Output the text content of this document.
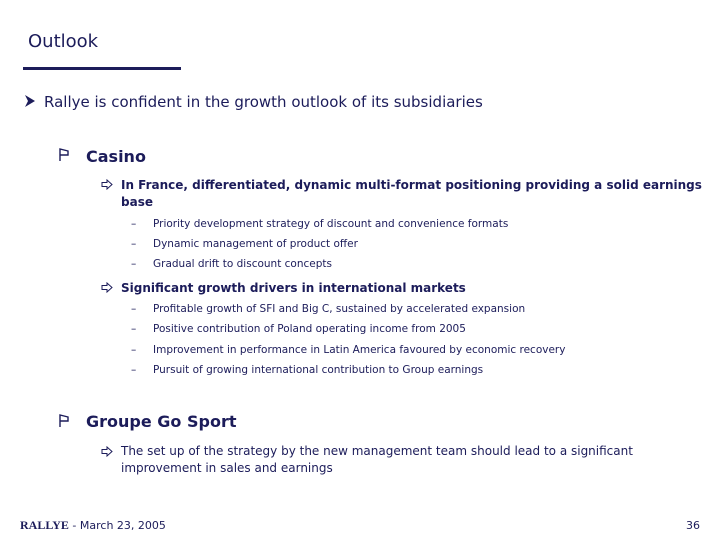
Outlook
Rallye is confident in the growth outlook of its subsidiaries
Casino
In France, differentiated, dynamic multi-format positioning providing a solid earnings
base
– Priority development strategy of discount and convenience formats
– Dynamic management of product offer
– Gradual drift to discount concepts
Significant growth drivers in international markets
– Profitable growth of SFI and Big C, sustained by accelerated expansion
– Positive contribution of Poland operating income from 2005
– Improvement in performance in Latin America favoured by economic recovery
– Pursuit of growing international contribution to Group earnings
Groupe Go Sport
The set up of the strategy by the new management team should lead to a significant
improvement in sales and earnings
RALLYE - March 23, 2005	36
